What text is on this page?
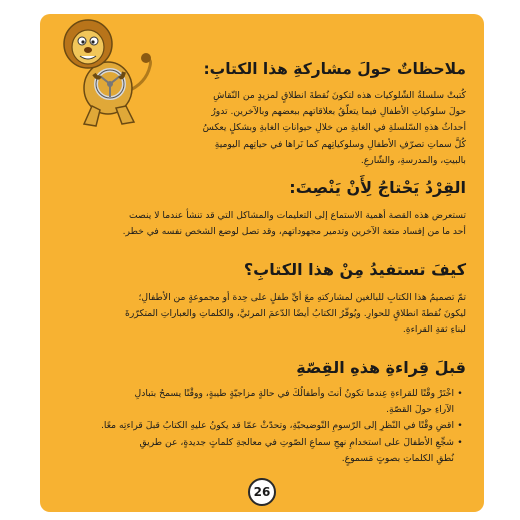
ملاحظاتٌ حولَ مشاركةِ هذا الكتابِ:
كُتبتْ سلسلةُ الشّلوكيات هذه لتكونَ نُقطةَ انطلاقٍ لمزيدٍ من النّقاشِ
حولَ سلوكياتِ الأطفالِ فيما يتعلّقُ بعلاقاتهم ببعضهم وبالآخرين. تدورُ
أحداثُ هذهِ السّلسلةِ في الغابةِ من خلالِ حيواناتِ الغابةِ وبشكلٍ يعكسُ
كُلَّ سماتِ تصرّفِ الأطفالِ وسلوكياتِهم كما نَراها في حياتِهم اليوميةِ
بالبيتِ، والمدرسةِ، والشّارعِ.
القِرْدُ يَحْتاجُ لِأَنْ يَنْصِتَ:
تستعرض هذه القصة أهمية الاستماع إلى التعليمات والمشاكل التي قد تنشأ عندما لا ينصت
أحد ما من إفساد متعة الآخرين وتدمير مجهوداتهم، وقد تصل لوضع الشخص نفسه في خطر.
كيفَ تستفيدُ مِنْ هذا الكتابِ؟
تمّ تصميمُ هذا الكتابِ للبالغين لمشاركتهِ معَ أيِّ طفلٍ على حِدة أو مجموعةٍ من الأطفالِ؛
ليكونَ نُقطةَ انطلاقٍ للحوارِ. ويُوفّرُ الكتابُ أيضًا الدّعمَ المرئيَّ، والكلماتِ والعباراتِ المتكرّرةَ
لبناءِ ثقةِ القراءةِ.
قبلَ قِراءةِ هذهِ القِصّةِ
•اخْتَرْ وقْتًا للقراءةِ عِندما تكونُ أنتَ وأطفالُكَ في حالةٍ مزاجيّةٍ طيبةٍ، ووقْتًا يسمحُ بتبادلِ
الآراءِ حولَ القصّةِ.
•اقضِ وقْتًا في النّظرِ إلى الرّسومِ التّوضيحيّةِ، وتحدّثْ عمّا قد يكونُ عليهِ الكتابُ قبلَ قراءتِه معًا.
•شجِّعِ الأطفالَ على استخدامِ نهجِ سماعِ الصّوتِ في معالجةِ كلماتٍ جديدةٍ، عن طريقِ
نُطقِ الكلماتِ بصوتٍ مَسموعٍ.
26
